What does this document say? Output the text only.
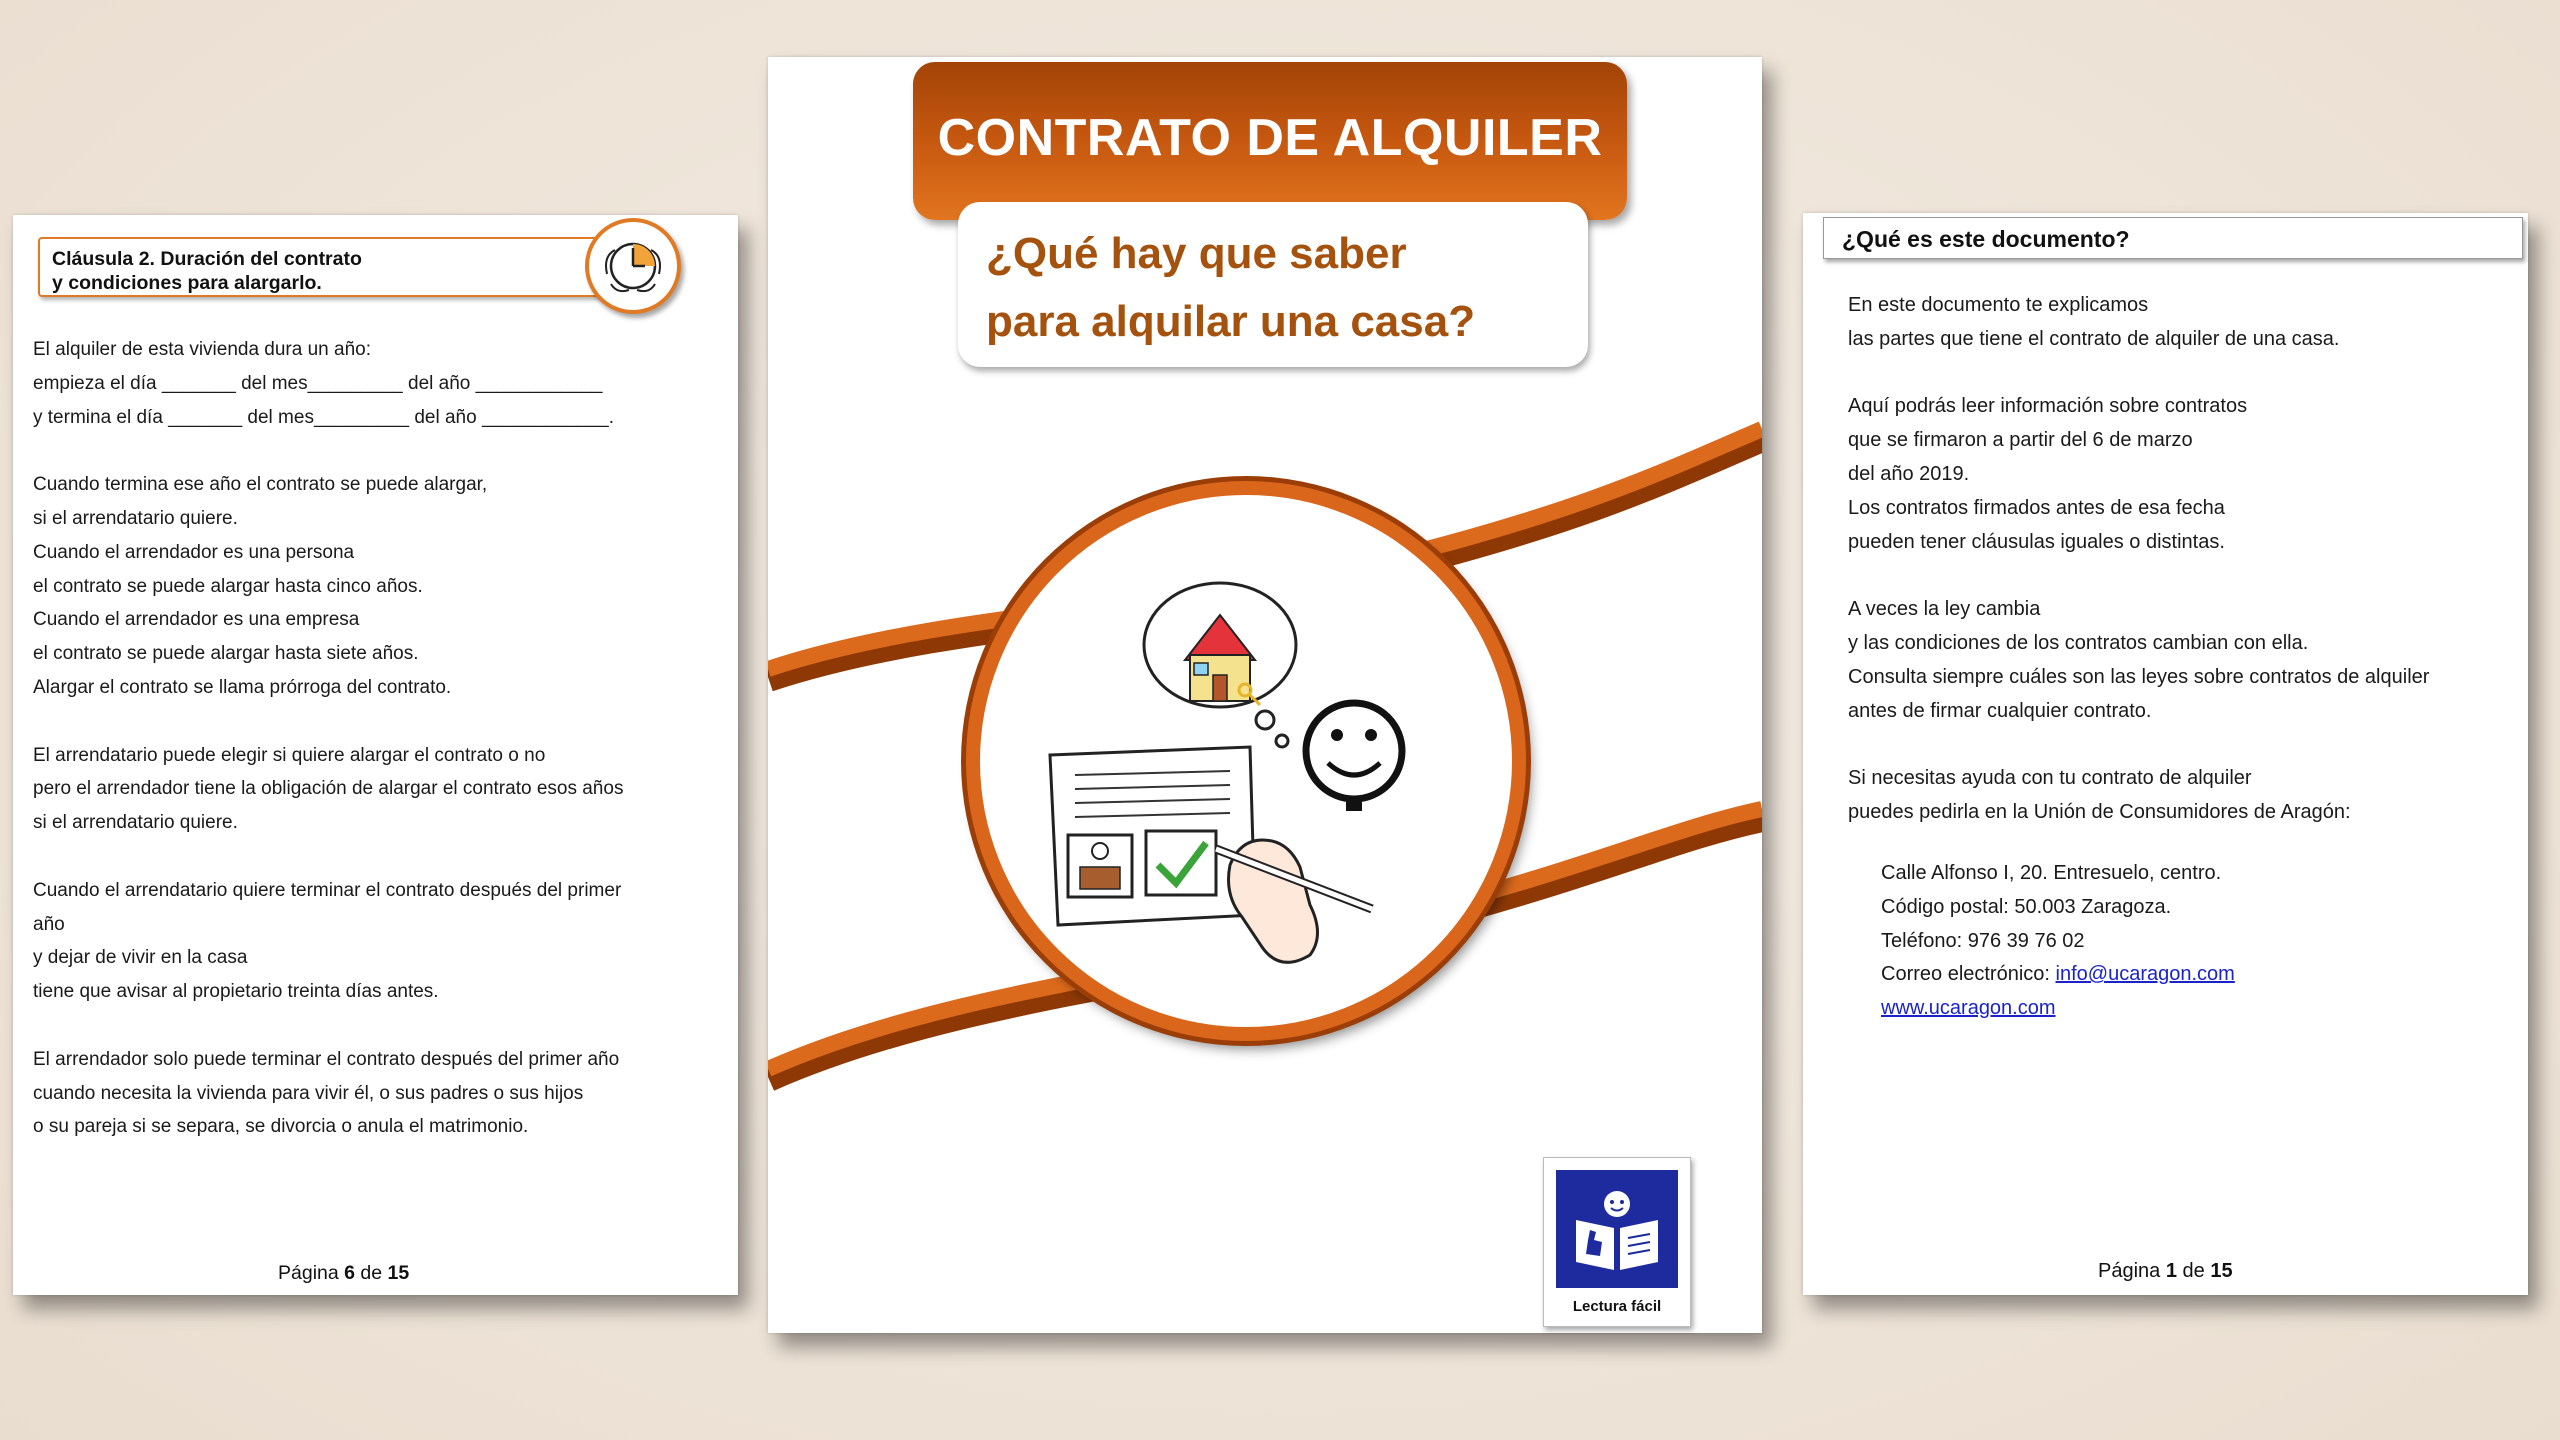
Cláusula 2. Duración del contrato
y condiciones para alargarlo.

El alquiler de esta vivienda dura un año:

empieza el día _______ del mes_________ del año ____________

y termina el día _______ del mes_________ del año ____________.

Cuando termina ese año el contrato se puede alargar,

si el arrendatario quiere.

Cuando el arrendador es una persona

el contrato se puede alargar hasta cinco años.

Cuando el arrendador es una empresa

el contrato se puede alargar hasta siete años.

Alargar el contrato se llama prórroga del contrato.

El arrendatario puede elegir si quiere alargar el contrato o no

pero el arrendador tiene la obligación de alargar el contrato esos años

si el arrendatario quiere.

Cuando el arrendatario quiere terminar el contrato después del primer

año

y dejar de vivir en la casa

tiene que avisar al propietario treinta días antes.

El arrendador solo puede terminar el contrato después del primer año

cuando necesita la vivienda para vivir él, o sus padres o sus hijos

o su pareja si se separa, se divorcia o anula el matrimonio.

Página 6 de 15
CONTRATO DE ALQUILER

¿Qué hay que saber

para alquilar una casa?

Lectura fácil
¿Qué es este documento?

En este documento te explicamos

las partes que tiene el contrato de alquiler de una casa.

Aquí podrás leer información sobre contratos

que se firmaron a partir del 6 de marzo

del año 2019.

Los contratos firmados antes de esa fecha

pueden tener cláusulas iguales o distintas.

A veces la ley cambia

y las condiciones de los contratos cambian con ella.

Consulta siempre cuáles son las leyes sobre contratos de alquiler

antes de firmar cualquier contrato.

Si necesitas ayuda con tu contrato de alquiler

puedes pedirla en la Unión de Consumidores de Aragón:

Calle Alfonso I, 20. Entresuelo, centro.

Código postal: 50.003 Zaragoza.

Teléfono: 976 39 76 02

Correo electrónico: info@ucaragon.com

www.ucaragon.com

Página 1 de 15
